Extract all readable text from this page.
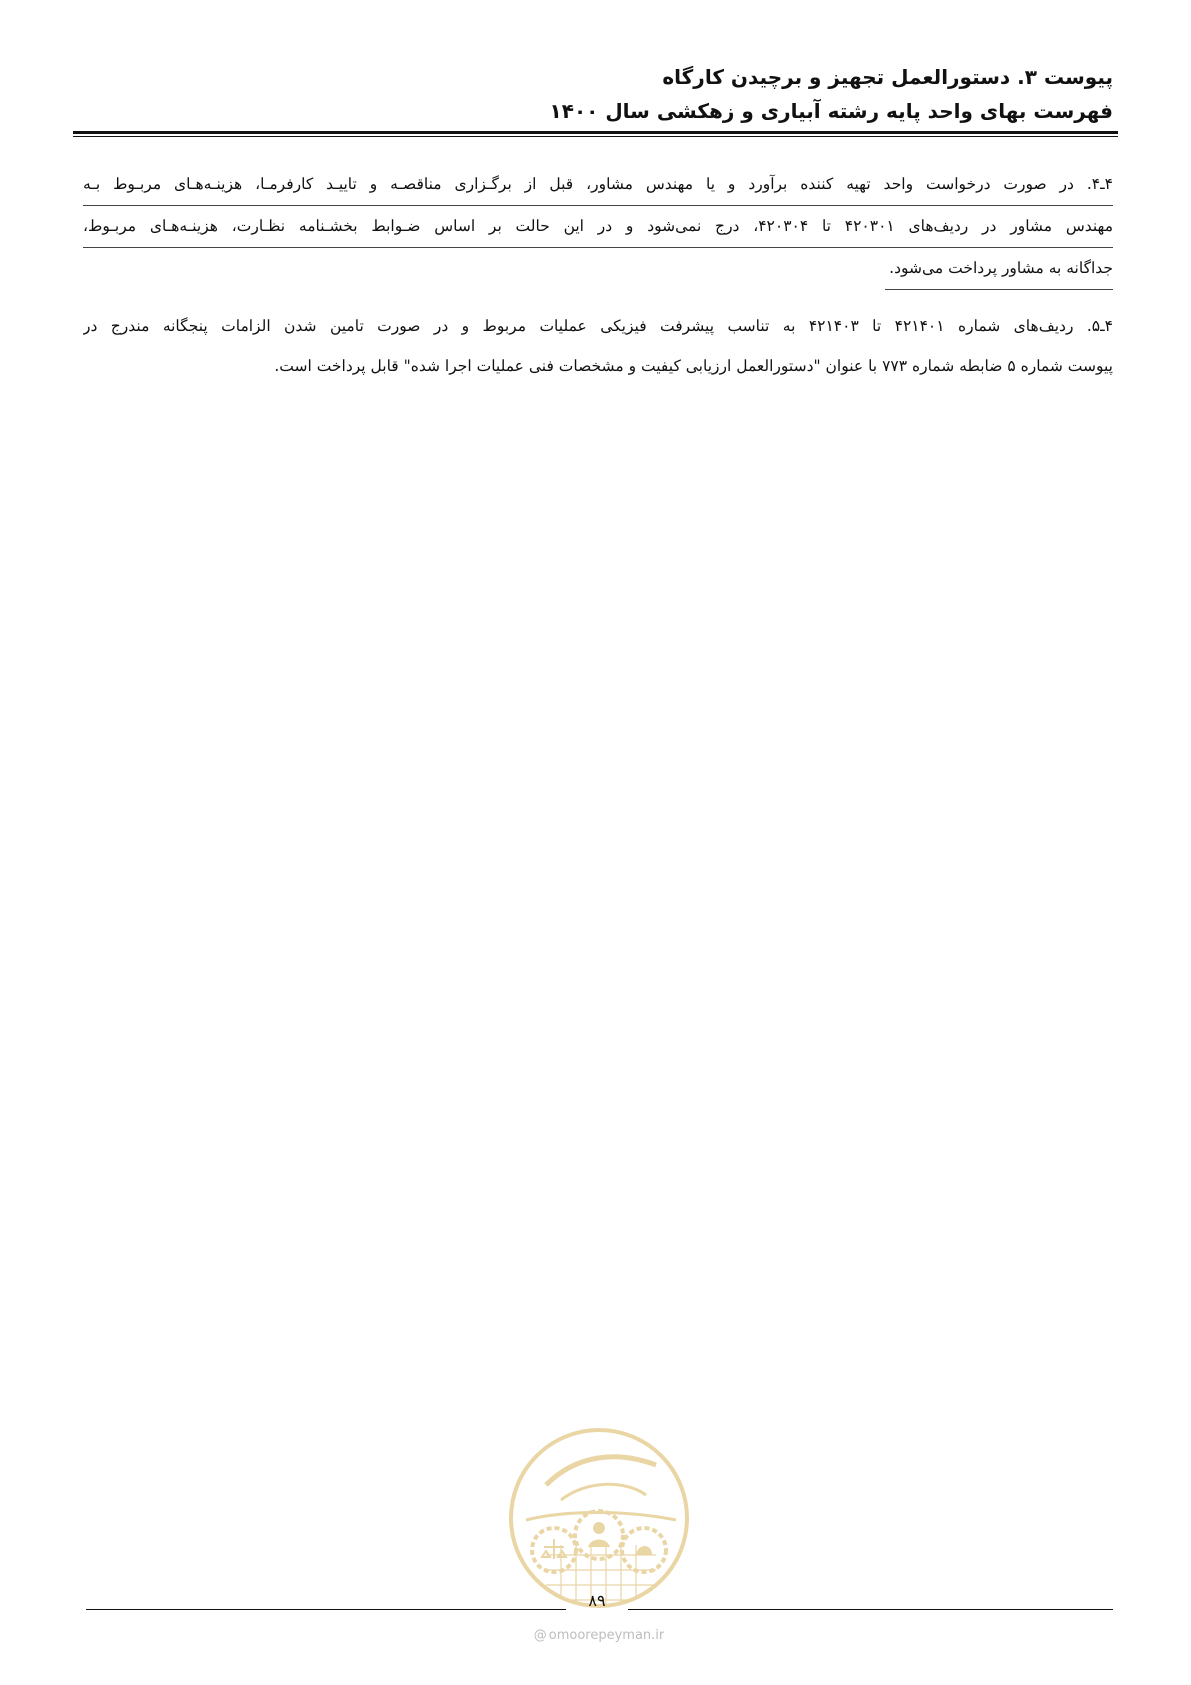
پیوست ۳. دستورالعمل تجهیز و برچیدن کارگاه
فهرست بهای واحد پایه رشته آبیاری و زهکشی سال ۱۴۰۰
۴ـ۴. در صورت درخواست واحد تهیه کننده برآورد و یا مهندس مشاور، قبل از برگـزاری مناقصـه و تاییـد کارفرمـا، هزینـه‌هـای مربـوط بـه
مهندس مشاور در ردیف‌های ۴۲۰۳۰۱ تا ۴۲۰۳۰۴، درج نمی‌شود و در این حالت بر اساس ضـوابط بخشـنامه نظـارت، هزینـه‌هـای مربـوط،
جداگانه به مشاور پرداخت می‌شود.
۴ـ۵. ردیف‌های شماره ۴۲۱۴۰۱ تا ۴۲۱۴۰۳ به تناسب پیشرفت فیزیکی عملیات مربوط و در صورت تامین شدن الزامات پنجگانه مندرج در
پیوست شماره ۵ ضابطه شماره ۷۷۳ با عنوان "دستورالعمل ارزیابی کیفیت و مشخصات فنی عملیات اجرا شده" قابل پرداخت است.
۸۹
@ omoorepeyman.ir
